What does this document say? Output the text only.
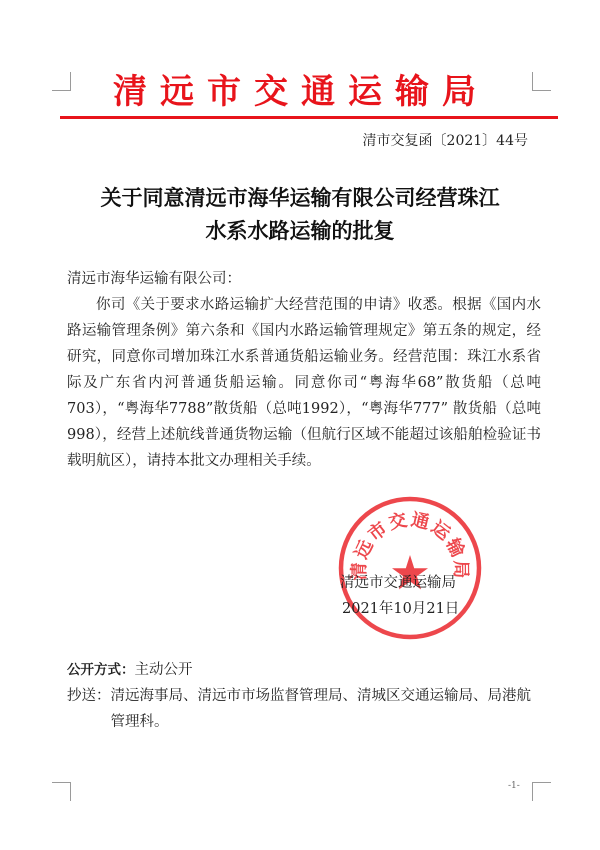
清远市交通运输局
清市交复函〔2021〕44号
关于同意清远市海华运输有限公司经营珠江
水系水路运输的批复

清远市海华运输有限公司：

你司《关于要求水路运输扩大经营范围的申请》收悉。根据《国内水路运输管理条例》第六条和《国内水路运输管理规定》第五条的规定，经研究，同意你司增加珠江水系普通货船运输业务。经营范围：珠江水系省际及广东省内河普通货船运输。同意你司“粤海华68”散货船（总吨703），“粤海华7788”散货船（总吨1992），“粤海华777” 散货船（总吨998），经营上述航线普通货物运输（但航行区域不能超过该船舶检验证书载明航区），请持本批文办理相关手续。

清远市交通运输局
清远市交通运输局
2021年10月21日
公开方式： 主动公开
抄送： 清远海事局、清远市市场监督管理局、清城区交通运输局、局港航管理科。
-1-
